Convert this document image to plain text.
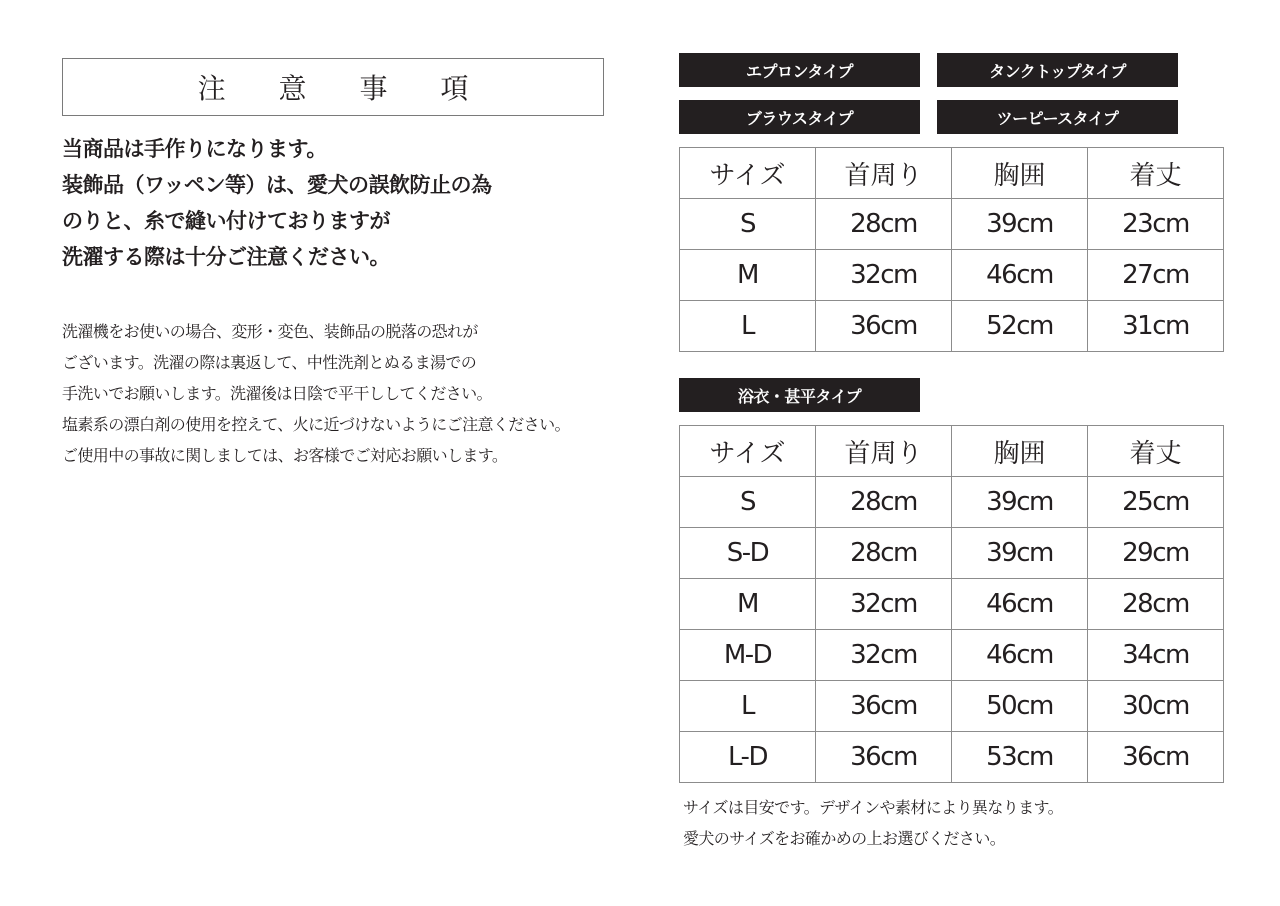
注 意 事 項
当商品は手作りになります。
装飾品（ワッペン等）は、愛犬の誤飲防止の為
のりと、糸で縫い付けておりますが
洗濯する際は十分ご注意ください。
洗濯機をお使いの場合、変形・変色、装飾品の脱落の恐れが
ございます。洗濯の際は裏返して、中性洗剤とぬるま湯での
手洗いでお願いします。洗濯後は日陰で平干ししてください。
塩素系の漂白剤の使用を控えて、火に近づけないようにご注意ください。
ご使用中の事故に関しましては、お客様でご対応お願いします。
エプロンタイプ	タンクトップタイプ
ブラウスタイプ	ツーピースタイプ
サイズ	首周り	胸囲	着丈
S	28cm	39cm	23cm
M	32cm	46cm	27cm
L	36cm	52cm	31cm
浴衣・甚平タイプ
サイズ	首周り	胸囲	着丈
S	28cm	39cm	25cm
S-D	28cm	39cm	29cm
M	32cm	46cm	28cm
M-D	32cm	46cm	34cm
L	36cm	50cm	30cm
L-D	36cm	53cm	36cm
サイズは目安です。デザインや素材により異なります。
愛犬のサイズをお確かめの上お選びください。
